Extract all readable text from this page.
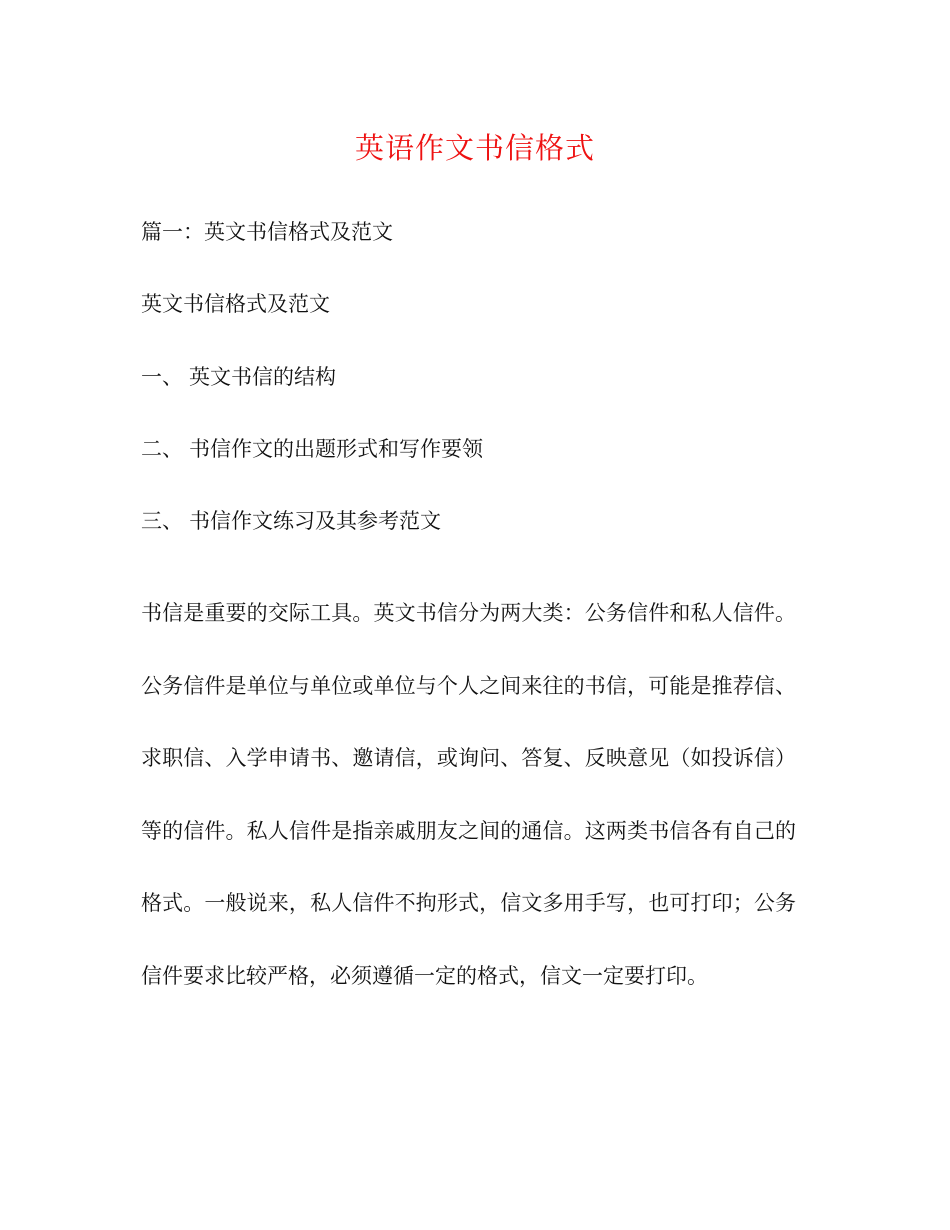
英语作文书信格式
篇一：英文书信格式及范文
英文书信格式及范文
一、 英文书信的结构
二、 书信作文的出题形式和写作要领
三、 书信作文练习及其参考范文
书信是重要的交际工具。英文书信分为两大类：公务信件和私人信件。公务信件是单位与单位或单位与个人之间来往的书信，可能是推荐信、求职信、入学申请书、邀请信，或询问、答复、反映意见（如投诉信）等的信件。私人信件是指亲戚朋友之间的通信。这两类书信各有自己的格式。一般说来，私人信件不拘形式，信文多用手写，也可打印；公务信件要求比较严格，必须遵循一定的格式，信文一定要打印。
